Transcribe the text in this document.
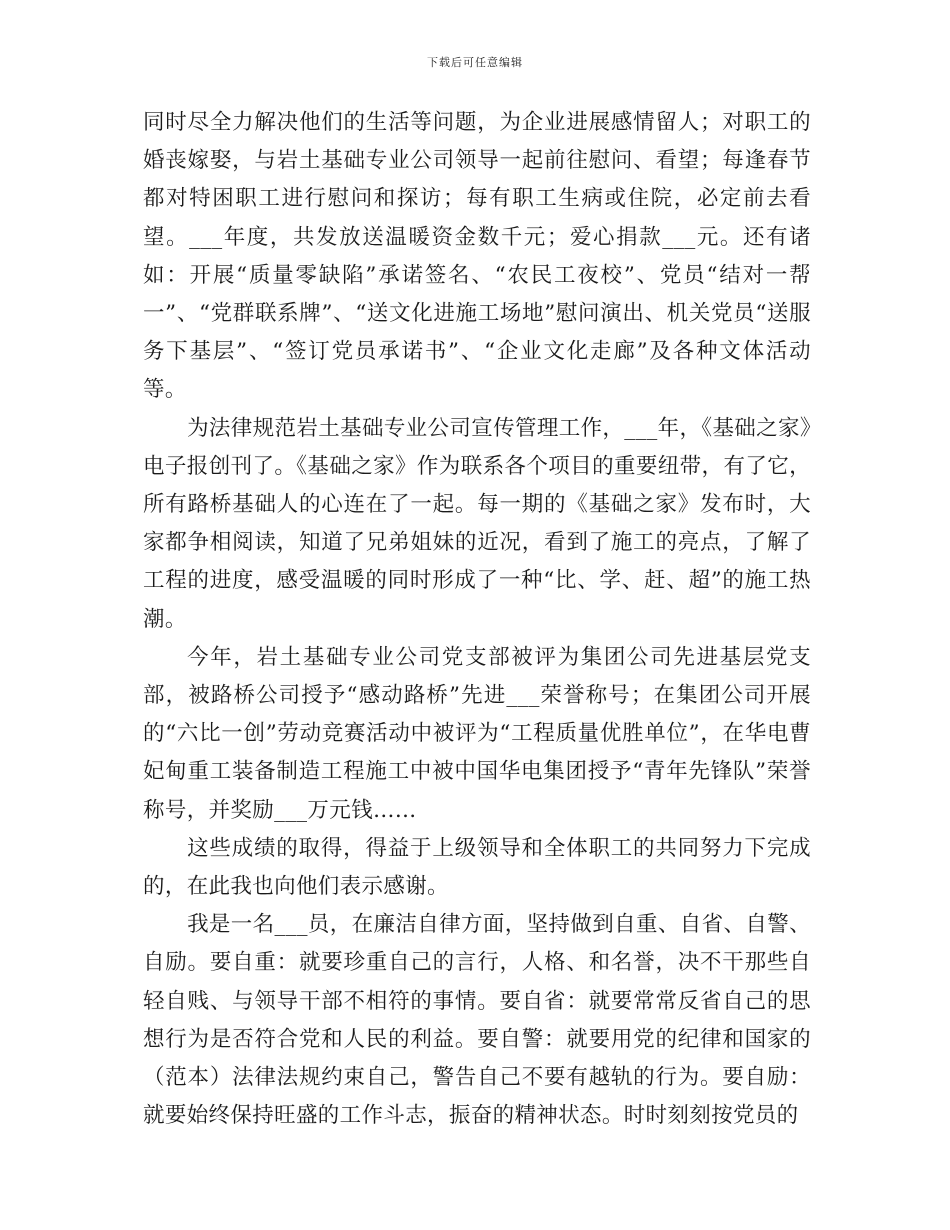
下载后可任意编辑

同时尽全力解决他们的生活等问题，为企业进展感情留人；对职工的婚丧嫁娶，与岩土基础专业公司领导一起前往慰问、看望；每逢春节都对特困职工进行慰问和探访；每有职工生病或住院，必定前去看望。___年度，共发放送温暖资金数千元；爱心捐款___元。还有诸如：开展“质量零缺陷”承诺签名、“农民工夜校”、党员“结对一帮一”、“党群联系牌”、“送文化进施工场地”慰问演出、机关党员“送服务下基层”、“签订党员承诺书”、“企业文化走廊”及各种文体活动等。

为法律规范岩土基础专业公司宣传管理工作，___年，《基础之家》电子报创刊了。《基础之家》作为联系各个项目的重要纽带，有了它，所有路桥基础人的心连在了一起。每一期的《基础之家》发布时，大家都争相阅读，知道了兄弟姐妹的近况，看到了施工的亮点，了解了工程的进度，感受温暖的同时形成了一种“比、学、赶、超”的施工热潮。

今年，岩土基础专业公司党支部被评为集团公司先进基层党支部，被路桥公司授予“感动路桥”先进___荣誉称号；在集团公司开展的“六比一创”劳动竞赛活动中被评为“工程质量优胜单位”，在华电曹妃甸重工装备制造工程施工中被中国华电集团授予“青年先锋队”荣誉称号，并奖励___万元钱……

这些成绩的取得，得益于上级领导和全体职工的共同努力下完成的，在此我也向他们表示感谢。

我是一名___员，在廉洁自律方面，坚持做到自重、自省、自警、自励。要自重：就要珍重自己的言行，人格、和名誉，决不干那些自轻自贱、与领导干部不相符的事情。要自省：就要常常反省自己的思想行为是否符合党和人民的利益。要自警：就要用党的纪律和国家的（范本）法律法规约束自己，警告自己不要有越轨的行为。要自励：就要始终保持旺盛的工作斗志，振奋的精神状态。时时刻刻按党员的
